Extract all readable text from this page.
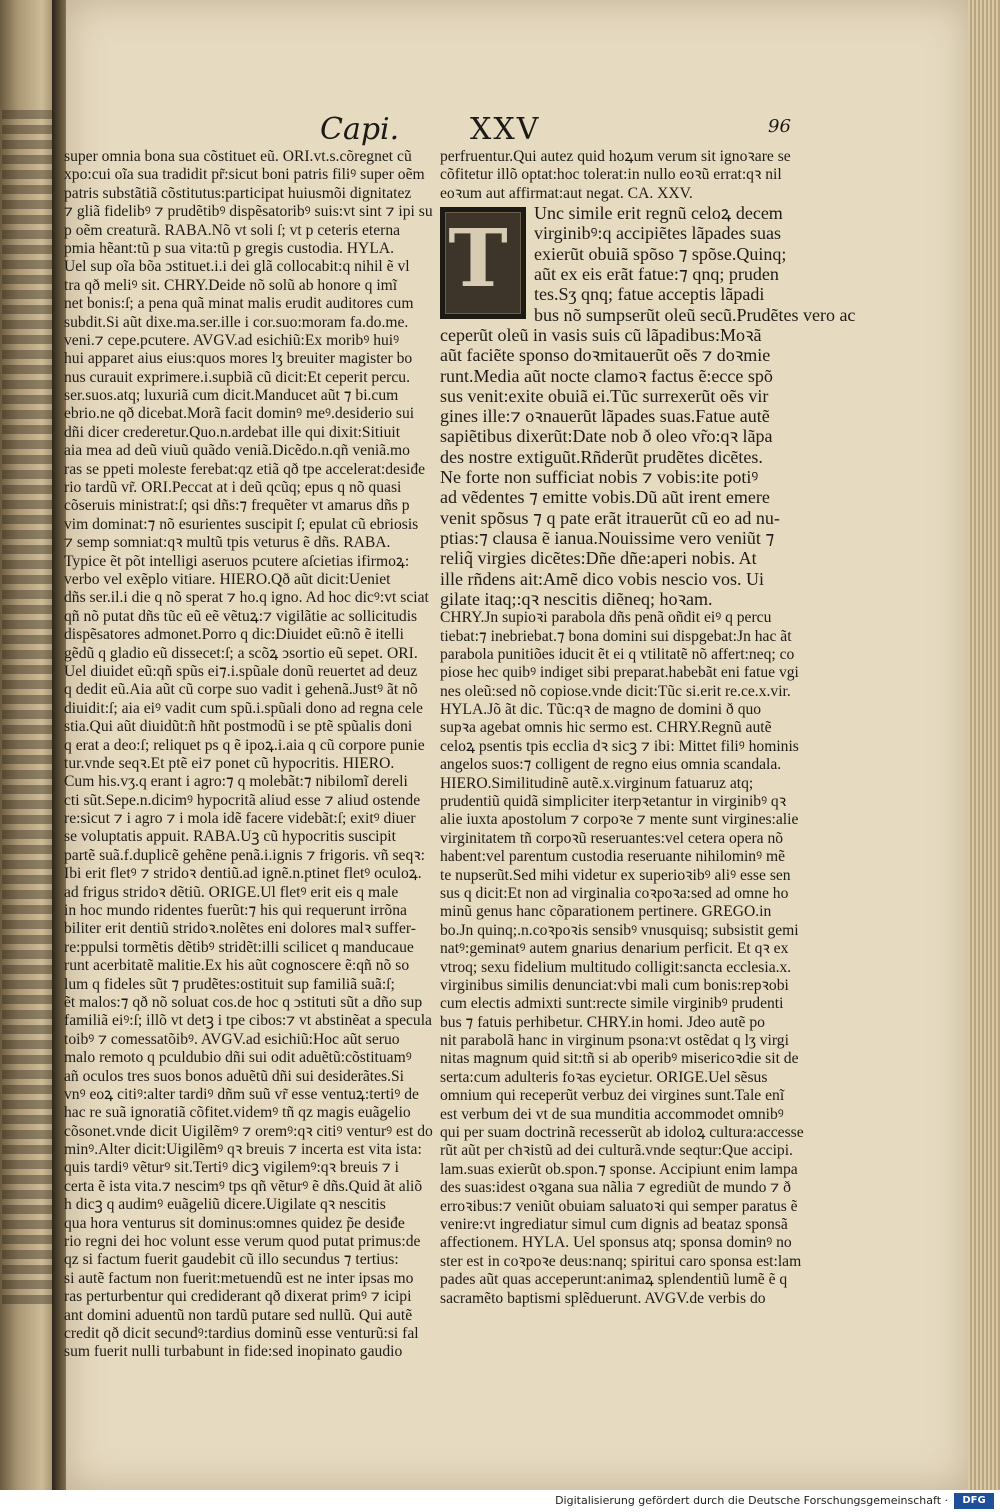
Capi. XXV	96
super omnia bona sua cõstituet eũ. ORI.vt.s.cõregnet cũ
xpo:cui oĩa sua tradidit pr̃:sicut boni patris filiꝰ super oẽm
patris substãtiã cõstitutus:participat huiusmõi dignitatez
⁊ gliã fidelibꝰ ⁊ prudẽtibꝰ dispẽsatoribꝰ suis:vt sint ⁊ ipi su
p oẽm creaturã. RABA.Nõ vt soli ſ; vt p ceteris eterna
pmia hẽant:tũ p sua vita:tũ p gregis custodia. HYLA.
Uel sup oĩa bõa ↄstituet.i.i dei glã collocabit:q nihil ẽ vl
tra qð meliꝰ sit. CHRY.Deide nõ solũ ab honore q imĩ
net bonis:ſ; a pena quã minat malis erudit auditores cum
subdit.Si aũt dixe.ma.ser.ille i cor.suo:moram fa.do.me.
veni.⁊ cepe.pcutere. AVGV.ad esichiũ:Ex moribꝰ huiꝰ
hui apparet aius eius:quos mores lʒ breuiter magister bo
nus curauit exprimere.i.supbiã cũ dicit:Et ceperit percu.
ser.suos.atq; luxuriã cum dicit.Manducet aũt ⁊ bi.cum
ebrio.ne qð dicebat.Morã facit dominꝰ meꝰ.desiderio sui
dñi dicer crederetur.Quo.n.ardebat ille qui dixit:Sitiuit
aia mea ad deũ viuũ quãdo veniã.Dicẽdo.n.qñ veniã.mo
ras se ppeti moleste ferebat:qz etiã qð tpe accelerat:desiđe
rio tardũ vr̃. ORI.Peccat at i deũ qcũq; epus q nõ quasi
cõseruis ministrat:ſ; qsi dñs:⁊ frequẽter vt amarus dñs p
vim dominat:⁊ nõ esurientes suscipit ſ; epulat cũ ebriosis
⁊ semp somniat:qꝛ multũ tpis veturus ẽ dñs. RABA.
Typice ẽt põt intelligi aseruos pcutere aſcietias ifirmoꝝ:
verbo vel exẽplo vitiare. HIERO.Qð aũt dicit:Ueniet
dñs ser.il.i die q nõ sperat ⁊ ho.q igno. Ad hoc dicꝰ:vt sciat
qñ nõ putat dñs tũc eũ eẽ vẽtuꝝ:⁊ vigilãtie ac sollicitudis
dispẽsatores admonet.Porro q dic:Diuidet eũ:nõ ẽ itelli
gẽdũ q gladio eũ dissecet:ſ; a scõꝝ ↄsortio eũ sepet. ORI.
Uel diuidet eũ:qñ spũs ei⁊.i.spũale donũ reuertet ad deuz
q dedit eũ.Aia aũt cũ corpe suo vadit i gehenã.Justꝰ ãt nõ
diuidit:ſ; aia eiꝰ vadit cum spũ.i.spũali dono ad regna cele
stia.Qui aũt diuidũt:ñ hñt postmodũ i se ptẽ spũalis doni
q erat a deo:ſ; reliquet ps q ẽ ipoꝝ.i.aia q cũ corpore punie
tur.vnde seqꝛ.Et ptẽ ei⁊ ponet cũ hypocritis. HIERO.
Cum his.vʒ.q erant i agro:⁊ q molebãt:⁊ nibilomĩ dereli
cti sũt.Sepe.n.dicimꝰ hypocritã aliud esse ⁊ aliud ostende
re:sicut ⁊ i agro ⁊ i mola idẽ facere videbãt:ſ; exitꝰ diuer
se voluptatis appuit. RABA.Uꝫ cũ hypocritis suscipit
partẽ suã.f.duplicẽ gehẽne penã.i.ignis ⁊ frigoris. vñ seqꝛ:
Ibi erit fletꝰ ⁊ stridoꝛ dentiũ.ad ignẽ.n.ptinet fletꝰ oculoꝝ.
ad frigus stridoꝛ dẽtiũ. ORIGE.Ul fletꝰ erit eis q male
in hoc mundo ridentes fuerũt:⁊ his qui requerunt irrõna
biliter erit dentiũ stridoꝛ.nolẽtes eni dolores malꝛ suffer-
re:ppulsi tormẽtis dẽtibꝰ stridẽt:illi scilicet q manducaue
runt acerbitatẽ malitie.Ex his aũt cognoscere ẽ:qñ nõ so
lum q fideles sũt ⁊ prudẽtes:ostituit sup familiã suã:ſ;
ẽt malos:⁊ qð nõ soluat cos.de hoc q ↄstituti sũt a dño sup
familiã eiꝰ:ſ; illõ vt detꝫ i tpe cibos:⁊ vt abstinẽat a specula
toibꝰ ⁊ comessatõibꝰ. AVGV.ad esichiũ:Hoc aũt seruo
malo remoto q pculdubio dñi sui odit aduẽtũ:cõstituamꝰ
añ oculos tres suos bonos aduẽtũ dñi sui desiderãtes.Si
vnꝰ eoꝝ citiꝰ:alter tardiꝰ dñm suũ vr̃ esse ventuꝝ:tertiꝰ de
hac re suã ignoratiã cõfitet.videmꝰ tñ qz magis euãgelio
cõsonet.vnde dicit Uigilẽmꝰ ⁊ oremꝰ:qꝛ citiꝰ venturꝰ est do
minꝰ.Alter dicit:Uigilẽmꝰ qꝛ breuis ⁊ incerta est vita ista:
quis tardiꝰ vẽturꝰ sit.Tertiꝰ dicꝫ vigilemꝰ:qꝛ breuis ⁊ i
certa ẽ ista vita.⁊ nescimꝰ tps qñ vẽturꝰ ẽ dñs.Quid ãt aliõ
h dicꝫ q audimꝰ euãgeliũ dicere.Uigilate qꝛ nescitis
qua hora venturus sit dominus:omnes quidez p̃e desiđe
rio regni dei hoc volunt esse verum quod putat primus:de
qz si factum fuerit gaudebit cũ illo secundus ⁊ tertius:
si autẽ factum non fuerit:metuendũ est ne inter ipsas mo
ras perturbentur qui crediderant qð dixerat primꝰ ⁊ icipi
ant domini aduentũ non tardũ putare sed nullũ. Qui autẽ
credit qð dicit secundꝰ:tardius dominũ esse venturũ:si fal
sum fuerit nulli turbabunt in fide:sed inopinato gaudio
perfruentur.Qui autez quid hoꝝum verum sit ignoꝛare se
cõfitetur illõ optat:hoc tolerat:in nullo eoꝛũ errat:qꝛ nil
eoꝛum aut affirmat:aut negat. CA. XXV.
T	Unc simile erit regnũ celoꝝ decem
virginibꝰ:q accipiẽtes lãpades suas
exierũt obuiã spõso ⁊ spõse.Quinq;
aũt ex eis erãt fatue:⁊ qnq; pruden
tes.Sʒ qnq; fatue acceptis lãpadi
bus nõ sumpserũt oleũ secũ.Prudẽtes vero ac
ceperũt oleũ in vasis suis cũ lãpadibus:Moꝛã
aũt faciẽte sponso doꝛmitauerũt oẽs ⁊ doꝛmie
runt.Media aũt nocte clamoꝛ factus ẽ:ecce spõ
sus venit:exite obuiã ei.Tũc surrexerũt oẽs vir
gines ille:⁊ oꝛnauerũt lãpades suas.Fatue autẽ
sapiẽtibus dixerũt:Date nob ð oleo vr̃o:qꝛ lãpa
des nostre extiguũt.Rñderũt prudẽtes dicẽtes.
Ne forte non sufficiat nobis ⁊ vobis:ite potiꝰ
ad vẽdentes ⁊ emitte vobis.Dũ aũt irent emere
venit spõsus ⁊ q pate erãt itrauerũt cũ eo ad nu-
ptias:⁊ clausa ẽ ianua.Nouissime vero veniũt ⁊
reliq̃ virgies dicẽtes:Dñe dñe:aperi nobis. At
ille rñdens ait:Amẽ dico vobis nescio vos. Ui
gilate itaq;:qꝛ nescitis diẽneq; hoꝛam.
CHRY.Jn supioꝛi parabola dñs penã oñdit eiꝰ q percu
tiebat:⁊ inebriebat.⁊ bona domini sui dispgebat:Jn hac ãt
parabola punitiões iducit ẽt ei q vtilitatẽ nõ affert:neq; co
piose hec quibꝰ indiget sibi preparat.habebãt eni fatue vgi
nes oleũ:sed nõ copiose.vnde dicit:Tũc si.erit re.ce.x.vir.
HYLA.Jõ ãt dic. Tũc:qꝛ de magno de domini ð quo
supꝛa agebat omnis hic sermo est. CHRY.Regnũ autẽ
celoꝝ psentis tpis ecclia dꝛ sicꝫ ⁊ ibi: Mittet filiꝰ hominis
angelos suos:⁊ colligent de regno eius omnia scandala.
HIERO.Similitudinẽ autẽ.x.virginum fatuaruz atq;
prudentiũ quidã simpliciter iterpꝛetantur in virginibꝰ qꝛ
alie iuxta apostolum ⁊ corpoꝛe ⁊ mente sunt virgines:alie
virginitatem tñ corpoꝛũ reseruantes:vel cetera opera nõ
habent:vel parentum custodia reseruante nihilominꝰ mẽ
te nupserũt.Sed mihi videtur ex superioꝛibꝰ aliꝰ esse sen
sus q dicit:Et non ad virginalia coꝛpoꝛa:sed ad omne ho
minũ genus hanc cõparationem pertinere. GREGO.in
bo.Jn quinq;.n.coꝛpoꝛis sensibꝰ vnusquisq; subsistit gemi
natꝰ:geminatꝰ autem gnarius denarium perficit. Et qꝛ ex
vtroq; sexu fidelium multitudo colligit:sancta ecclesia.x.
virginibus similis denunciat:vbi mali cum bonis:repꝛobi
cum electis admixti sunt:recte simile virginibꝰ prudenti
bus ⁊ fatuis perhibetur. CHRY.in homi. Jdeo autẽ po
nit parabolã hanc in virginum psona:vt ostẽdat q lʒ virgi
nitas magnum quid sit:tñ si ab operibꝰ misericoꝛdie sit de
serta:cum adulteris foꝛas eycietur. ORIGE.Uel sẽsus
omnium qui receperũt verbuz dei virgines sunt.Tale enĩ
est verbum dei vt de sua munditia accommodet omnibꝰ
qui per suam doctrinã recesserũt ab idoloꝝ cultura:accesse
rũt aũt per chꝛistũ ad dei culturã.vnde seqtur:Que accipi.
lam.suas exierũt ob.spon.⁊ sponse. Accipiunt enim lampa
des suas:idest oꝛgana sua nãlia ⁊ egrediũt de mundo ⁊ ð
erroꝛibus:⁊ veniũt obuiam saluatoꝛi qui semper paratus ẽ
venire:vt ingrediatur simul cum dignis ad beataz sponsã
affectionem. HYLA. Uel sponsus atq; sponsa dominꝰ no
ster est in coꝛpoꝛe deus:nanq; spiritui caro sponsa est:lam
pades aũt quas acceperunt:animaꝝ splendentiũ lumẽ ẽ q
sacramẽto baptismi splẽduerunt. AVGV.de verbis do
Digitalisierung gefördert durch die Deutsche Forschungsgemeinschaft ·	DFG
